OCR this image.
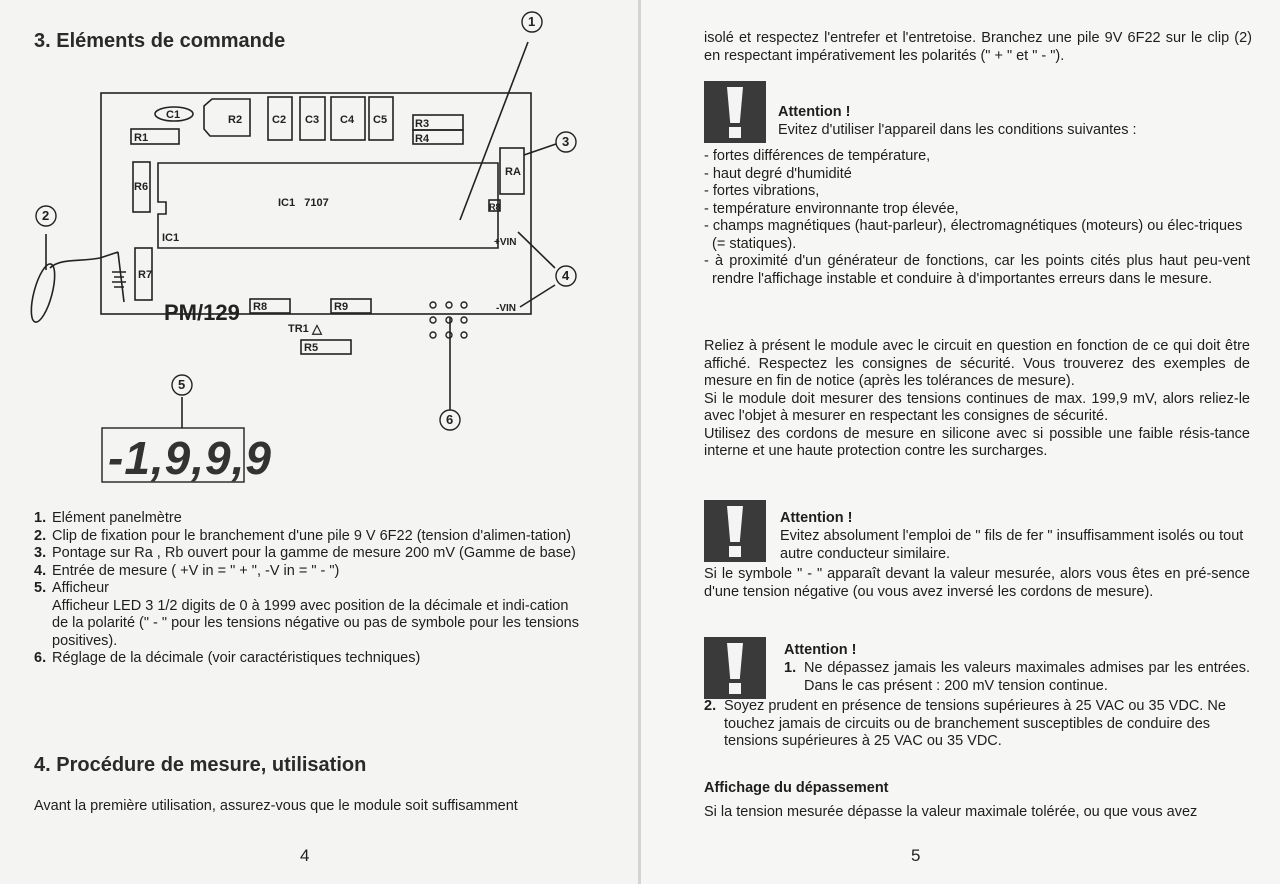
3. Eléments de commande
C1
R1
R2	C2 C3 C4 C5	R3
R4
R6
RA
R8
IC1   7107
IC1
R7
R8	R9
TR1
R5
+VIN
-VIN
PM/129
1
2
3
4
5
6
△
-1,9,9,9
1. Elément panelmètre
2. Clip de fixation pour le branchement d'une pile 9 V 6F22 (tension d'alimen-tation)
3. Pontage sur Ra , Rb ouvert pour la gamme de mesure 200 mV (Gamme de base)
4. Entrée de mesure ( +V in = " + ", -V in = " - ")
5. Afficheur
Afficheur LED 3 1/2 digits de 0 à 1999 avec position de la décimale et indi-cation de la polarité (" - " pour les tensions négative ou pas de symbole pour les tensions positives).
6. Réglage de la décimale (voir caractéristiques techniques)
4. Procédure de mesure, utilisation
Avant la première utilisation, assurez-vous que le module soit suffisamment
4
isolé et respectez l'entrefer et l'entretoise. Branchez une pile 9V 6F22 sur le clip (2) en respectant impérativement les polarités (" + " et " - ").
Attention !
Evitez d'utiliser l'appareil dans les conditions suivantes :

- fortes différences de température,

- haut degré d'humidité

- fortes vibrations,

- température environnante trop élevée,

- champs magnétiques (haut-parleur), électromagnétiques (moteurs) ou élec-triques (= statiques).

- à proximité d'un générateur de fonctions, car les points cités plus haut peu-vent rendre l'affichage instable et conduire à d'importantes erreurs dans le mesure.

Reliez à présent le module avec le circuit en question en fonction de ce qui doit être affiché. Respectez les consignes de sécurité. Vous trouverez des exemples de mesure en fin de notice (après les tolérances de mesure).

Si le module doit mesurer des tensions continues de max. 199,9 mV, alors reliez-le avec l'objet à mesurer en respectant les consignes de sécurité.

Utilisez des cordons de mesure en silicone avec si possible une faible résis-tance interne et une haute protection contre les surcharges.

Attention !
Evitez absolument l'emploi de " fils de fer " insuffisamment isolés ou tout autre conducteur similaire.
Si le symbole " - " apparaît devant la valeur mesurée, alors vous êtes en pré-sence d'une tension négative (ou vous avez inversé les cordons de mesure).
Attention !
1. Ne dépassez jamais les valeurs maximales admises par les entrées. Dans le cas présent : 200 mV tension continue.
2. Soyez prudent en présence de tensions supérieures à 25 VAC ou 35 VDC. Ne touchez jamais de circuits ou de branchement susceptibles de conduire des tensions supérieures à 25 VAC ou 35 VDC.
Affichage du dépassement
Si la tension mesurée dépasse la valeur maximale tolérée, ou que vous avez
5
